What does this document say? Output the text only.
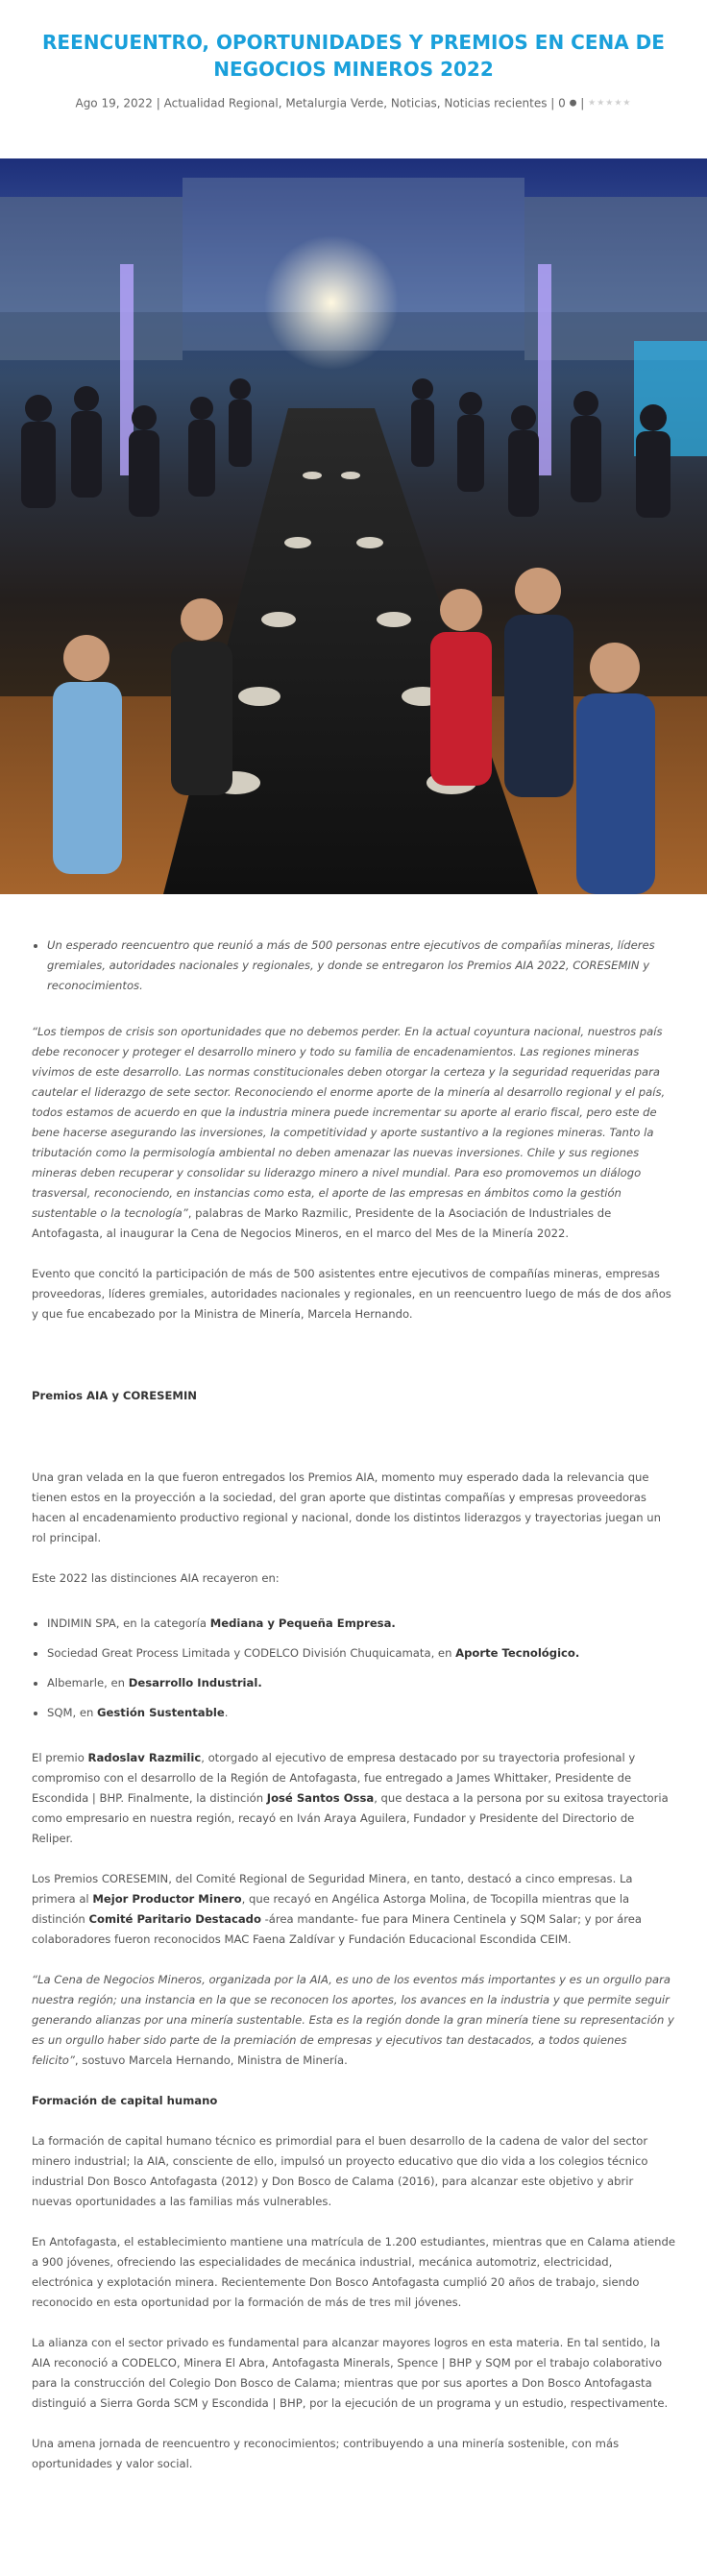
REENCUENTRO, OPORTUNIDADES Y PREMIOS EN CENA DE NEGOCIOS MINEROS 2022
Ago 19, 2022 | Actualidad Regional, Metalurgia Verde, Noticias, Noticias recientes | 0 ● | ★★★★★
• Un esperado reencuentro que reunió a más de 500 personas entre ejecutivos de compañías mineras, líderes gremiales, autoridades nacionales y regionales, y donde se entregaron los Premios AIA 2022, CORESEMIN y reconocimientos.

“Los tiempos de crisis son oportunidades que no debemos perder. En la actual coyuntura nacional, nuestros país debe reconocer y proteger el desarrollo minero y todo su familia de encadenamientos. Las regiones mineras vivimos de este desarrollo. Las normas constitucionales deben otorgar la certeza y la seguridad requeridas para cautelar el liderazgo de sete sector. Reconociendo el enorme aporte de la minería al desarrollo regional y el país, todos estamos de acuerdo en que la industria minera puede incrementar su aporte al erario fiscal, pero este de bene hacerse asegurando las inversiones, la competitividad y aporte sustantivo a la regiones mineras. Tanto la tributación como la permisología ambiental no deben amenazar las nuevas inversiones. Chile y sus regiones mineras deben recuperar y consolidar su liderazgo minero a nivel mundial. Para eso promovemos un diálogo trasversal, reconociendo, en instancias como esta, el aporte de las empresas en ámbitos como la gestión sustentable o la tecnología”, palabras de Marko Razmilic, Presidente de la Asociación de Industriales de Antofagasta, al inaugurar la Cena de Negocios Mineros, en el marco del Mes de la Minería 2022.

Evento que concitó la participación de más de 500 asistentes entre ejecutivos de compañías mineras, empresas proveedoras, líderes gremiales, autoridades nacionales y regionales, en un reencuentro luego de más de dos años y que fue encabezado por la Ministra de Minería, Marcela Hernando.

Premios AIA y CORESEMIN

Una gran velada en la que fueron entregados los Premios AIA, momento muy esperado dada la relevancia que tienen estos en la proyección a la sociedad, del gran aporte que distintas compañías y empresas proveedoras hacen al encadenamiento productivo regional y nacional, donde los distintos liderazgos y trayectorias juegan un rol principal.

Este 2022 las distinciones AIA recayeron en:

• INDIMIN SPA, en la categoría Mediana y Pequeña Empresa.
• Sociedad Great Process Limitada y CODELCO División Chuquicamata, en Aporte Tecnológico.
• Albemarle, en Desarrollo Industrial.
• SQM, en Gestión Sustentable.

El premio Radoslav Razmilic, otorgado al ejecutivo de empresa destacado por su trayectoria profesional y compromiso con el desarrollo de la Región de Antofagasta, fue entregado a James Whittaker, Presidente de Escondida | BHP. Finalmente, la distinción José Santos Ossa, que destaca a la persona por su exitosa trayectoria como empresario en nuestra región, recayó en Iván Araya Aguilera, Fundador y Presidente del Directorio de Reliper.

Los Premios CORESEMIN, del Comité Regional de Seguridad Minera, en tanto, destacó a cinco empresas. La primera al Mejor Productor Minero, que recayó en Angélica Astorga Molina, de Tocopilla mientras que la distinción Comité Paritario Destacado -área mandante- fue para Minera Centinela y SQM Salar; y por área colaboradores fueron reconocidos MAC Faena Zaldívar y Fundación Educacional Escondida CEIM.

“La Cena de Negocios Mineros, organizada por la AIA, es uno de los eventos más importantes y es un orgullo para nuestra región; una instancia en la que se reconocen los aportes, los avances en la industria y que permite seguir generando alianzas por una minería sustentable. Esta es la región donde la gran minería tiene su representación y es un orgullo haber sido parte de la premiación de empresas y ejecutivos tan destacados, a todos quienes felicito”, sostuvo Marcela Hernando, Ministra de Minería.

Formación de capital humano

La formación de capital humano técnico es primordial para el buen desarrollo de la cadena de valor del sector minero industrial; la AIA, consciente de ello, impulsó un proyecto educativo que dio vida a los colegios técnico industrial Don Bosco Antofagasta (2012) y Don Bosco de Calama (2016), para alcanzar este objetivo y abrir nuevas oportunidades a las familias más vulnerables.

En Antofagasta, el establecimiento mantiene una matrícula de 1.200 estudiantes, mientras que en Calama atiende a 900 jóvenes, ofreciendo las especialidades de mecánica industrial, mecánica automotriz, electricidad, electrónica y explotación minera. Recientemente Don Bosco Antofagasta cumplió 20 años de trabajo, siendo reconocido en esta oportunidad por la formación de más de tres mil jóvenes.

La alianza con el sector privado es fundamental para alcanzar mayores logros en esta materia. En tal sentido, la AIA reconoció a CODELCO, Minera El Abra, Antofagasta Minerals, Spence | BHP y SQM por el trabajo colaborativo para la construcción del Colegio Don Bosco de Calama; mientras que por sus aportes a Don Bosco Antofagasta distinguió a Sierra Gorda SCM y Escondida | BHP, por la ejecución de un programa y un estudio, respectivamente.

Una amena jornada de reencuentro y reconocimientos; contribuyendo a una minería sostenible, con más oportunidades y valor social.
